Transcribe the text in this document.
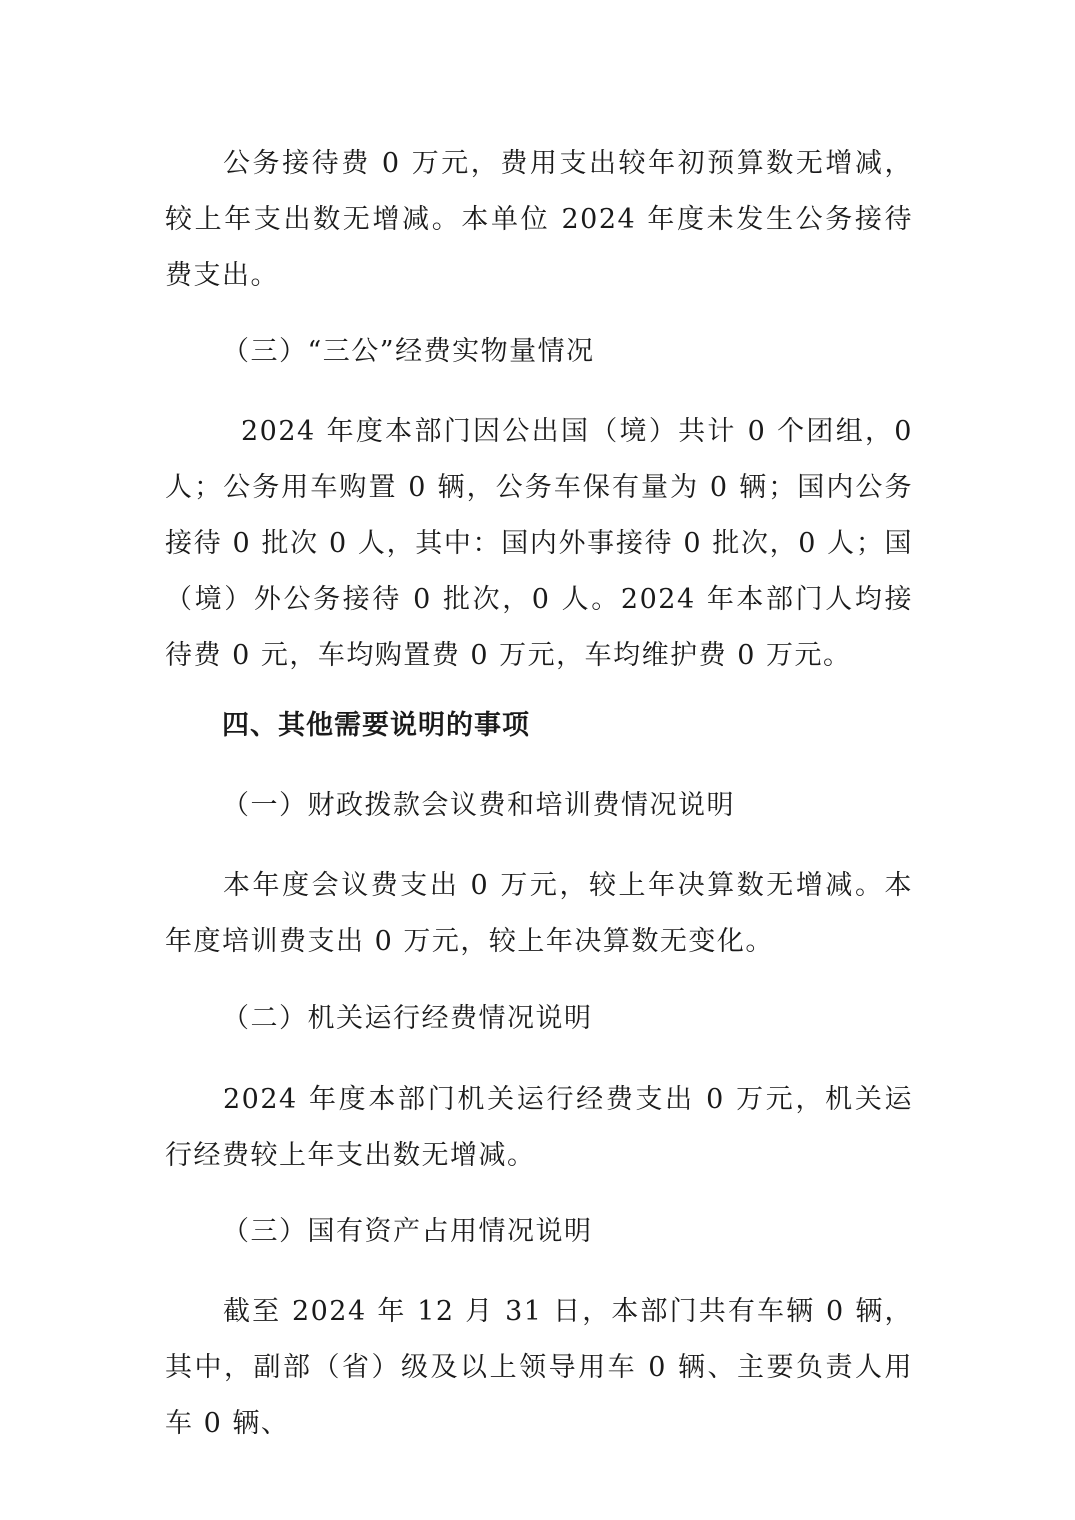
公务接待费 0 万元，费用支出较年初预算数无增减，较上年支出数无增减。本单位 2024 年度未发生公务接待费支出。

（三）“三公”经费实物量情况

2024 年度本部门因公出国（境）共计 0 个团组，0 人；公务用车购置 0 辆，公务车保有量为 0 辆；国内公务接待 0 批次 0 人，其中：国内外事接待 0 批次，0 人；国（境）外公务接待 0 批次，0 人。2024 年本部门人均接待费 0 元，车均购置费 0 万元，车均维护费 0 万元。

四、其他需要说明的事项

（一）财政拨款会议费和培训费情况说明

本年度会议费支出 0 万元，较上年决算数无增减。本年度培训费支出 0 万元，较上年决算数无变化。

（二）机关运行经费情况说明

2024 年度本部门机关运行经费支出 0 万元，机关运行经费较上年支出数无增减。

（三）国有资产占用情况说明

截至 2024 年 12 月 31 日，本部门共有车辆 0 辆，其中，副部（省）级及以上领导用车 0 辆、主要负责人用车 0 辆、
